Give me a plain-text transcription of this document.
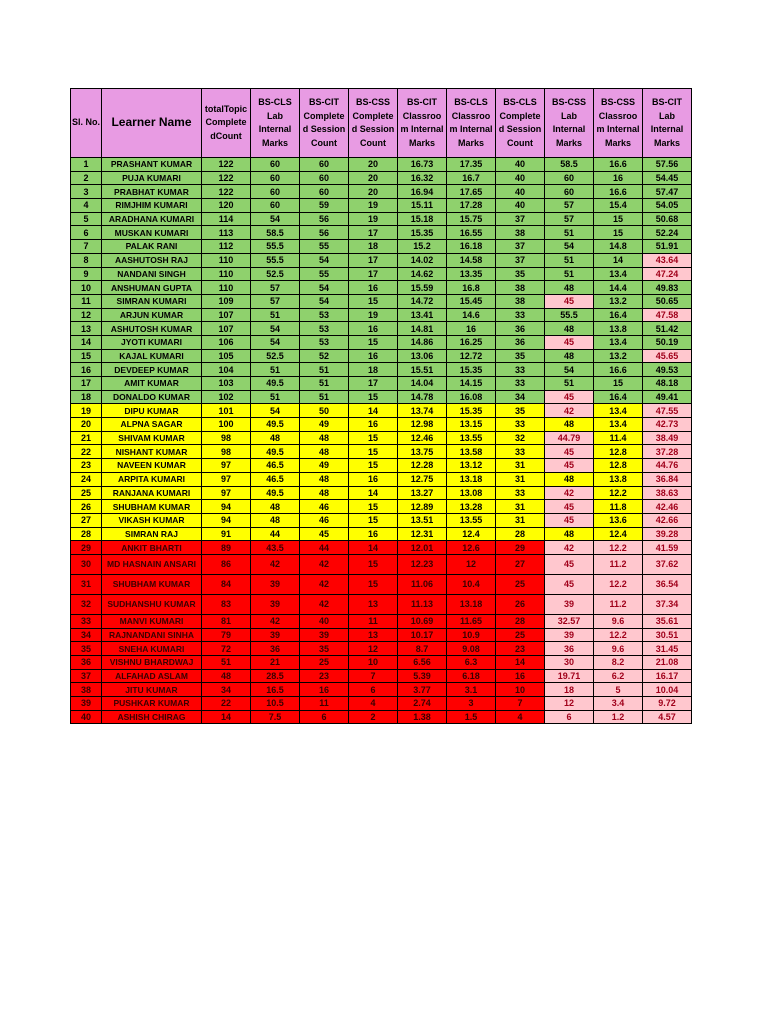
Sl. No.	Learner Name	totalTopic Complete dCount	BS-CLS Lab Internal Marks	BS-CIT Complete d Session Count	BS-CSS Complete d Session Count	BS-CIT Classroo m Internal Marks	BS-CLS Classroo m Internal Marks	BS-CLS Complete d Session Count	BS-CSS Lab Internal Marks	BS-CSS Classroo m Internal Marks	BS-CIT Lab Internal Marks
1	PRASHANT KUMAR	122	60	60	20	16.73	17.35	40	58.5	16.6	57.56
2	PUJA KUMARI	122	60	60	20	16.32	16.7	40	60	16	54.45
3	PRABHAT KUMAR	122	60	60	20	16.94	17.65	40	60	16.6	57.47
4	RIMJHIM KUMARI	120	60	59	19	15.11	17.28	40	57	15.4	54.05
5	ARADHANA KUMARI	114	54	56	19	15.18	15.75	37	57	15	50.68
6	MUSKAN KUMARI	113	58.5	56	17	15.35	16.55	38	51	15	52.24
7	PALAK RANI	112	55.5	55	18	15.2	16.18	37	54	14.8	51.91
8	AASHUTOSH RAJ	110	55.5	54	17	14.02	14.58	37	51	14	43.64
9	NANDANI SINGH	110	52.5	55	17	14.62	13.35	35	51	13.4	47.24
10	ANSHUMAN GUPTA	110	57	54	16	15.59	16.8	38	48	14.4	49.83
11	SIMRAN KUMARI	109	57	54	15	14.72	15.45	38	45	13.2	50.65
12	ARJUN KUMAR	107	51	53	19	13.41	14.6	33	55.5	16.4	47.58
13	ASHUTOSH KUMAR	107	54	53	16	14.81	16	36	48	13.8	51.42
14	JYOTI KUMARI	106	54	53	15	14.86	16.25	36	45	13.4	50.19
15	KAJAL KUMARI	105	52.5	52	16	13.06	12.72	35	48	13.2	45.65
16	DEVDEEP KUMAR	104	51	51	18	15.51	15.35	33	54	16.6	49.53
17	AMIT KUMAR	103	49.5	51	17	14.04	14.15	33	51	15	48.18
18	DONALDO KUMAR	102	51	51	15	14.78	16.08	34	45	16.4	49.41
19	DIPU KUMAR	101	54	50	14	13.74	15.35	35	42	13.4	47.55
20	ALPNA SAGAR	100	49.5	49	16	12.98	13.15	33	48	13.4	42.73
21	SHIVAM KUMAR	98	48	48	15	12.46	13.55	32	44.79	11.4	38.49
22	NISHANT KUMAR	98	49.5	48	15	13.75	13.58	33	45	12.8	37.28
23	NAVEEN KUMAR	97	46.5	49	15	12.28	13.12	31	45	12.8	44.76
24	ARPITA KUMARI	97	46.5	48	16	12.75	13.18	31	48	13.8	36.84
25	RANJANA KUMARI	97	49.5	48	14	13.27	13.08	33	42	12.2	38.63
26	SHUBHAM KUMAR	94	48	46	15	12.89	13.28	31	45	11.8	42.46
27	VIKASH KUMAR	94	48	46	15	13.51	13.55	31	45	13.6	42.66
28	SIMRAN RAJ	91	44	45	16	12.31	12.4	28	48	12.4	39.28
29	ANKIT BHARTI	89	43.5	44	14	12.01	12.6	29	42	12.2	41.59
30	MD HASNAIN ANSARI	86	42	42	15	12.23	12	27	45	11.2	37.62
31	SHUBHAM KUMAR	84	39	42	15	11.06	10.4	25	45	12.2	36.54
32	SUDHANSHU KUMAR	83	39	42	13	11.13	13.18	26	39	11.2	37.34
33	MANVI KUMARI	81	42	40	11	10.69	11.65	28	32.57	9.6	35.61
34	RAJNANDANI SINHA	79	39	39	13	10.17	10.9	25	39	12.2	30.51
35	SNEHA KUMARI	72	36	35	12	8.7	9.08	23	36	9.6	31.45
36	VISHNU BHARDWAJ	51	21	25	10	6.56	6.3	14	30	8.2	21.08
37	ALFAHAD ASLAM	48	28.5	23	7	5.39	6.18	16	19.71	6.2	16.17
38	JITU KUMAR	34	16.5	16	6	3.77	3.1	10	18	5	10.04
39	PUSHKAR KUMAR	22	10.5	11	4	2.74	3	7	12	3.4	9.72
40	ASHISH CHIRAG	14	7.5	6	2	1.38	1.5	4	6	1.2	4.57
